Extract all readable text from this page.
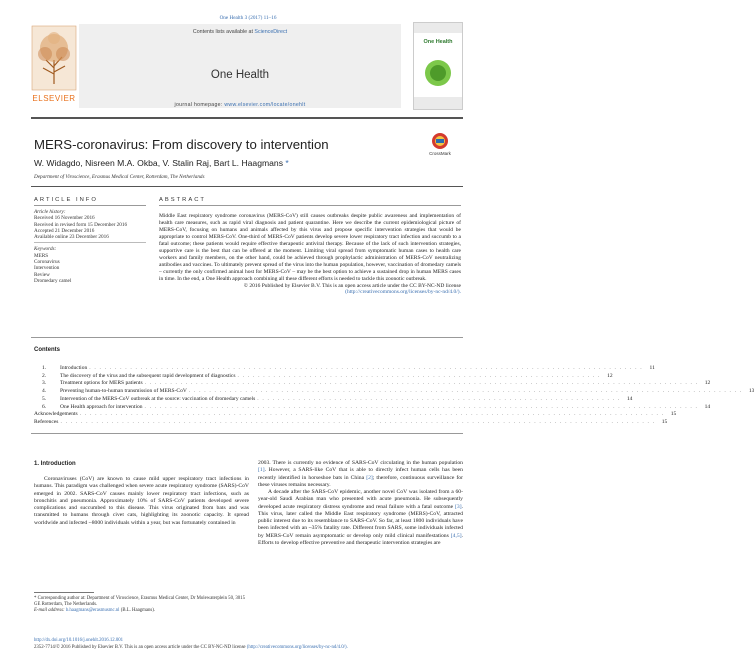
One Health 3 (2017) 11–16
ELSEVIER
Contents lists available at ScienceDirect
One Health
journal homepage: www.elsevier.com/locate/onehlt
One Health
MERS-coronavirus: From discovery to intervention
CrossMark
W. Widagdo, Nisreen M.A. Okba, V. Stalin Raj, Bart L. Haagmans *
Department of Viroscience, Erasmus Medical Center, Rotterdam, The Netherlands
ARTICLE INFO
Article history:
Received 16 November 2016
Received in revised form 15 December 2016
Accepted 21 December 2016
Available online 23 December 2016
Keywords:
MERS
Coronavirus
Intervention
Review
Dromedary camel
ABSTRACT
Middle East respiratory syndrome coronavirus (MERS-CoV) still causes outbreaks despite public awareness and implementation of health care measures, such as rapid viral diagnosis and patient quarantine. Here we describe the current epidemiological picture of MERS-CoV, focusing on humans and animals affected by this virus and propose specific intervention strategies that would be appropriate to control MERS-CoV. One-third of MERS-CoV patients develop severe lower respiratory tract infection and succumb to a fatal outcome; these patients would require effective therapeutic antiviral therapy. Because of the lack of such intervention strategies, supportive care is the best that can be offered at the moment. Limiting viral spread from symptomatic human cases to health care workers and family members, on the other hand, could be achieved through prophylactic administration of MERS-CoV neutralizing antibodies and vaccines. To ultimately prevent spread of the virus into the human population, however, vaccination of dromedary camels – currently the only confirmed animal host for MERS-CoV – may be the best option to achieve a sustained drop in human MERS cases in time. In the end, a One Health approach combining all these different efforts is needed to tackle this zoonotic outbreak.
© 2016 Published by Elsevier B.V. This is an open access article under the CC BY-NC-ND license (http://creativecommons.org/licenses/by-nc-nd/4.0/).
Contents
1.	Introduction . . . . . . . . . . . . . . . . . . . . . . . . . . . . . . . . . . . . . . . . . . . . . . . . . . . . . . . . . . . . . . . . . . . . . . . . . . . . . . . . . . . . . . . . . . . . . . . . . . . . . . . . . . . .	11
2.	The discovery of the virus and the subsequent rapid development of diagnostics . . . . . . . . . . . . . . . . . . . . . . . . . . . . . . . . . . . . . . . . . . . . . . . . . . . . . . . . . . . . . . . . . . . . . . .	12
3.	Treatment options for MERS patients . . . . . . . . . . . . . . . . . . . . . . . . . . . . . . . . . . . . . . . . . . . . . . . . . . . . . . . . . . . . . . . . . . . . . . . . . . . . . . . . . . . . . . . . . . . . . . . . . . . . . . . . . . . .	12
4.	Preventing human-to-human transmission of MERS-CoV . . . . . . . . . . . . . . . . . . . . . . . . . . . . . . . . . . . . . . . . . . . . . . . . . . . . . . . . . . . . . . . . . . . . . . . . . . . . . . . . . . . . . . . . . . . . . . . . . . . . . . . . . . . .	13
5.	Intervention of the MERS-CoV outbreak at the source: vaccination of dromedary camels . . . . . . . . . . . . . . . . . . . . . . . . . . . . . . . . . . . . . . . . . . . . . . . . . . . . . . . . . . . . . . . . . . . . . . .	14
6.	One Health approach for intervention . . . . . . . . . . . . . . . . . . . . . . . . . . . . . . . . . . . . . . . . . . . . . . . . . . . . . . . . . . . . . . . . . . . . . . . . . . . . . . . . . . . . . . . . . . . . . . . . . . . . . . . . . . . .	14
Acknowledgements . . . . . . . . . . . . . . . . . . . . . . . . . . . . . . . . . . . . . . . . . . . . . . . . . . . . . . . . . . . . . . . . . . . . . . . . . . . . . . . . . . . . . . . . . . . . . . . . . . . . . . . . . . . . . . . . . .	15
References . . . . . . . . . . . . . . . . . . . . . . . . . . . . . . . . . . . . . . . . . . . . . . . . . . . . . . . . . . . . . . . . . . . . . . . . . . . . . . . . . . . . . . . . . . . . . . . . . . . . . . . . . . . . . . . . . . . .	15
1. Introduction

Coronaviruses (CoV) are known to cause mild upper respiratory tract infections in humans. This paradigm was challenged when severe acute respiratory syndrome (SARS)-CoV emerged in 2002. SARS-CoV causes mainly lower respiratory tract infections, such as bronchitis and pneumonia. Approximately 10% of SARS-CoV patients developed severe complications and succumbed to this disease. This virus originated from bats and was transmitted to humans through civet cats, highlighting its zoonotic capacity. It spread worldwide and infected ~8000 individuals within a year, but was fortunately contained in

2003. There is currently no evidence of SARS-CoV circulating in the human population [1]. However, a SARS-like CoV that is able to directly infect human cells has been recently identified in horseshoe bats in China [2]; therefore, continuous surveillance for these viruses remains necessary.

A decade after the SARS-CoV epidemic, another novel CoV was isolated from a 60-year-old Saudi Arabian man who presented with acute pneumonia. He subsequently developed acute respiratory distress syndrome and renal failure with a fatal outcome [3]. This virus, later called the Middle East respiratory syndrome (MERS)-CoV, attracted public interest due to its resemblance to SARS-CoV. So far, at least 1800 individuals have been infected with an ~35% fatality rate. Different from SARS, some individuals infected by MERS-CoV remain asymptomatic or develop only mild clinical manifestations [4,5]. Efforts to develop effective preventive and therapeutic intervention strategies are

* Corresponding author at: Department of Viroscience, Erasmus Medical Center, Dr Molewaterplein 50, 3015 GE Rotterdam, The Netherlands.
E-mail address: b.haagmans@erasmusmc.nl (B.L. Haagmans).
http://dx.doi.org/10.1016/j.onehlt.2016.12.001
2352-7714/© 2016 Published by Elsevier B.V. This is an open access article under the CC BY-NC-ND license (http://creativecommons.org/licenses/by-nc-nd/4.0/).
